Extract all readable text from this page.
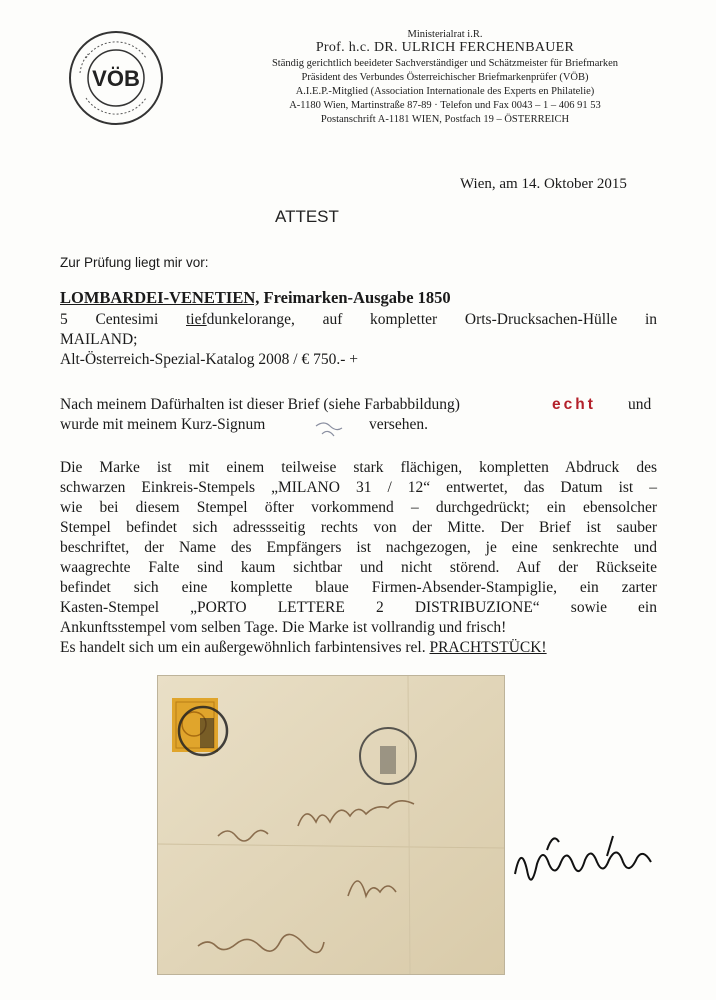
VÖB
Ministerialrat i.R.
Prof. h.c. DR. ULRICH FERCHENBAUER
Ständig gerichtlich beeideter Sachverständiger und Schätzmeister für Briefmarken
Präsident des Verbundes Österreichischer Briefmarkenprüfer (VÖB)
A.I.E.P.-Mitglied (Association Internationale des Experts en Philatelie)
A-1180 Wien, Martinstraße 87-89 · Telefon und Fax 0043 – 1 – 406 91 53
Postanschrift A-1181 WIEN, Postfach 19 – ÖSTERREICH
Wien, am 14. Oktober 2015
ATTEST
Zur Prüfung liegt mir vor:
LOMBARDEI-VENETIEN, Freimarken-Ausgabe 1850
5 Centesimi tiefdunkelorange, auf kompletter Orts-Drucksachen-Hülle in
MAILAND;
Alt-Österreich-Spezial-Katalog 2008 / € 750.- +
Nach meinem Dafürhalten ist dieser Brief (siehe Farbabbildung)	echt und
wurde mit meinem Kurz-Signum	versehen.
Die Marke ist mit einem teilweise stark flächigen, kompletten Abdruck des
schwarzen Einkreis-Stempels „MILANO 31 / 12“ entwertet, das Datum ist –
wie bei diesem Stempel öfter vorkommend – durchgedrückt; ein ebensolcher
Stempel befindet sich adressseitig rechts von der Mitte. Der Brief ist sauber
beschriftet, der Name des Empfängers ist nachgezogen, je eine senkrechte und
waagrechte Falte sind kaum sichtbar und nicht störend. Auf der Rückseite
befindet sich eine komplette blaue Firmen-Absender-Stampiglie, ein zarter
Kasten-Stempel „PORTO LETTERE 2 DISTRIBUZIONE“ sowie ein
Ankunftsstempel vom selben Tage. Die Marke ist vollrandig und frisch!
Es handelt sich um ein außergewöhnlich farbintensives rel. PRACHTSTÜCK!
